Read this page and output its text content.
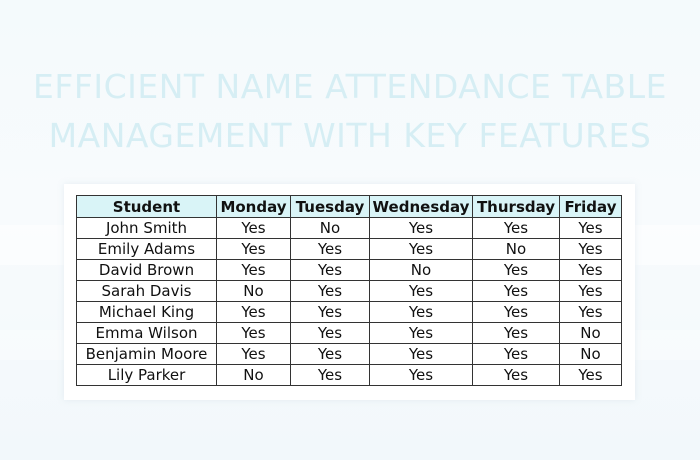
EFFICIENT NAME ATTENDANCE TABLE
MANAGEMENT WITH KEY FEATURES
Student	Monday	Tuesday	Wednesday	Thursday	Friday
John Smith	Yes	No	Yes	Yes	Yes
Emily Adams	Yes	Yes	Yes	No	Yes
David Brown	Yes	Yes	No	Yes	Yes
Sarah Davis	No	Yes	Yes	Yes	Yes
Michael King	Yes	Yes	Yes	Yes	Yes
Emma Wilson	Yes	Yes	Yes	Yes	No
Benjamin Moore	Yes	Yes	Yes	Yes	No
Lily Parker	No	Yes	Yes	Yes	Yes
